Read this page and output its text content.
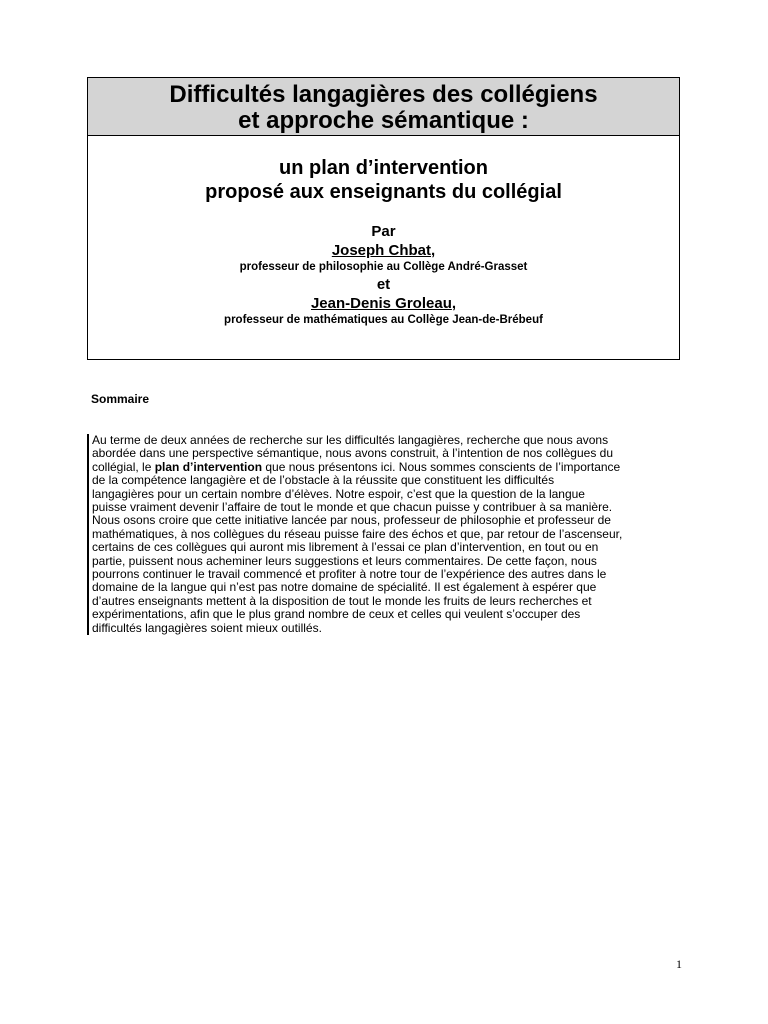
Difficultés langagières des collégiens
et approche sémantique :
un plan d’intervention
proposé aux enseignants du collégial
Par
Joseph Chbat,
professeur de philosophie au Collège André-Grasset
et
Jean-Denis Groleau,
professeur de mathématiques au Collège Jean-de-Brébeuf
Sommaire
Au terme de deux années de recherche sur les difficultés langagières, recherche que nous avons
abordée dans une perspective sémantique, nous avons construit, à l’intention de nos collègues du
collégial, le plan d’intervention que nous présentons ici. Nous sommes conscients de l’importance
de la compétence langagière et de l’obstacle à la réussite que constituent les difficultés
langagières pour un certain nombre d’élèves. Notre espoir, c’est que la question de la langue
puisse vraiment devenir l’affaire de tout le monde et que chacun puisse y contribuer à sa manière.
Nous osons croire que cette initiative lancée par nous, professeur de philosophie et professeur de
mathématiques, à nos collègues du réseau puisse faire des échos et que, par retour de l’ascenseur,
certains de ces collègues qui auront mis librement à l’essai ce plan d’intervention, en tout ou en
partie, puissent nous acheminer leurs suggestions et leurs commentaires. De cette façon, nous
pourrons continuer le travail commencé et profiter à notre tour de l’expérience des autres dans le
domaine de la langue qui n’est pas notre domaine de spécialité. Il est également à espérer que
d’autres enseignants mettent à la disposition de tout le monde les fruits de leurs recherches et
expérimentations, afin que le plus grand nombre de ceux et celles qui veulent s’occuper des
difficultés langagières soient mieux outillés.
1
